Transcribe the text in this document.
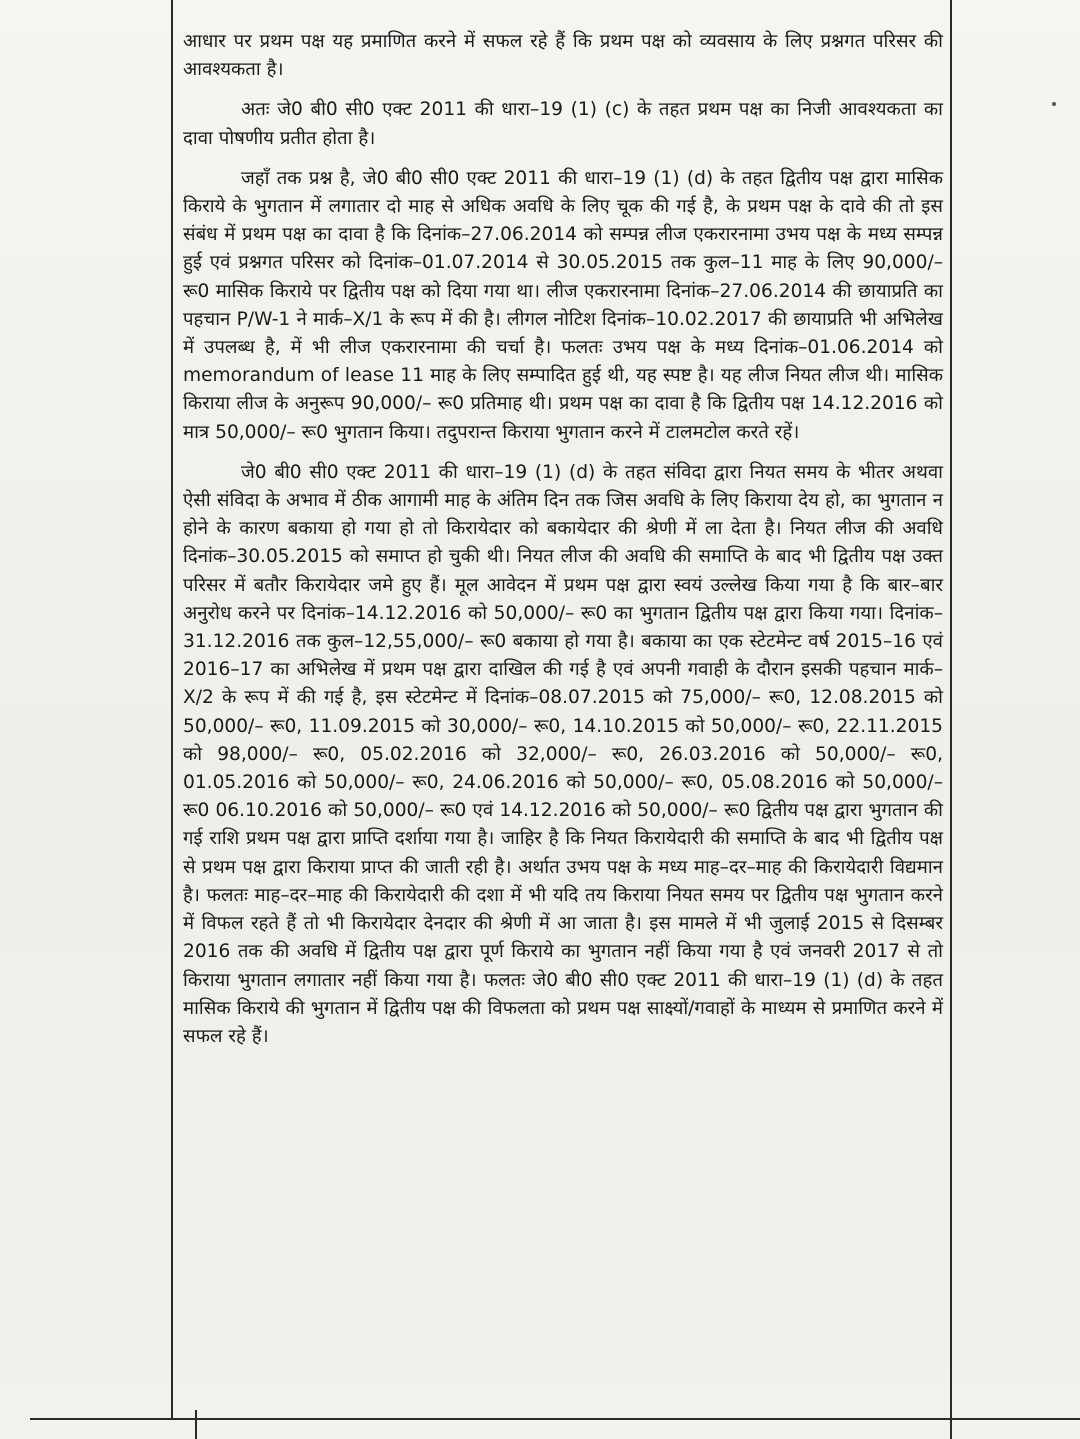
आधार पर प्रथम पक्ष यह प्रमाणित करने में सफल रहे हैं कि प्रथम पक्ष को व्यवसाय के लिए प्रश्नगत परिसर की आवश्यकता है।

अतः जे0 बी0 सी0 एक्ट 2011 की धारा–19 (1) (c) के तहत प्रथम पक्ष का निजी आवश्यकता का दावा पोषणीय प्रतीत होता है।

जहाँ तक प्रश्न है, जे0 बी0 सी0 एक्ट 2011 की धारा–19 (1) (d) के तहत द्वितीय पक्ष द्वारा मासिक किराये के भुगतान में लगातार दो माह से अधिक अवधि के लिए चूक की गई है, के प्रथम पक्ष के दावे की तो इस संबंध में प्रथम पक्ष का दावा है कि दिनांक–27.06.2014 को सम्पन्न लीज एकरारनामा उभय पक्ष के मध्य सम्पन्न हुई एवं प्रश्नगत परिसर को दिनांक–01.07.2014 से 30.05.2015 तक कुल–11 माह के लिए 90,000/– रू0 मासिक किराये पर द्वितीय पक्ष को दिया गया था। लीज एकरारनामा दिनांक–27.06.2014 की छायाप्रति का पहचान P/W-1 ने मार्क–X/1 के रूप में की है। लीगल नोटिश दिनांक–10.02.2017 की छायाप्रति भी अभिलेख में उपलब्ध है, में भी लीज एकरारनामा की चर्चा है। फलतः उभय पक्ष के मध्य दिनांक–01.06.2014 को memorandum of lease 11 माह के लिए सम्पादित हुई थी, यह स्पष्ट है। यह लीज नियत लीज थी। मासिक किराया लीज के अनुरूप 90,000/– रू0 प्रतिमाह थी। प्रथम पक्ष का दावा है कि द्वितीय पक्ष 14.12.2016 को मात्र 50,000/– रू0 भुगतान किया। तदुपरान्त किराया भुगतान करने में टालमटोल करते रहें।

जे0 बी0 सी0 एक्ट 2011 की धारा–19 (1) (d) के तहत संविदा द्वारा नियत समय के भीतर अथवा ऐसी संविदा के अभाव में ठीक आगामी माह के अंतिम दिन तक जिस अवधि के लिए किराया देय हो, का भुगतान न होने के कारण बकाया हो गया हो तो किरायेदार को बकायेदार की श्रेणी में ला देता है। नियत लीज की अवधि दिनांक–30.05.2015 को समाप्त हो चुकी थी। नियत लीज की अवधि की समाप्ति के बाद भी द्वितीय पक्ष उक्त परिसर में बतौर किरायेदार जमे हुए हैं। मूल आवेदन में प्रथम पक्ष द्वारा स्वयं उल्लेख किया गया है कि बार–बार अनुरोध करने पर दिनांक–14.12.2016 को 50,000/– रू0 का भुगतान द्वितीय पक्ष द्वारा किया गया। दिनांक–31.12.2016 तक कुल–12,55,000/– रू0 बकाया हो गया है। बकाया का एक स्टेटमेन्ट वर्ष 2015–16 एवं 2016–17 का अभिलेख में प्रथम पक्ष द्वारा दाखिल की गई है एवं अपनी गवाही के दौरान इसकी पहचान मार्क–X/2 के रूप में की गई है, इस स्टेटमेन्ट में दिनांक–08.07.2015 को 75,000/– रू0, 12.08.2015 को 50,000/– रू0, 11.09.2015 को 30,000/– रू0, 14.10.2015 को 50,000/– रू0, 22.11.2015 को 98,000/– रू0, 05.02.2016 को 32,000/– रू0, 26.03.2016 को 50,000/– रू0, 01.05.2016 को 50,000/– रू0, 24.06.2016 को 50,000/– रू0, 05.08.2016 को 50,000/– रू0 06.10.2016 को 50,000/– रू0 एवं 14.12.2016 को 50,000/– रू0 द्वितीय पक्ष द्वारा भुगतान की गई राशि प्रथम पक्ष द्वारा प्राप्ति दर्शाया गया है। जाहिर है कि नियत किरायेदारी की समाप्ति के बाद भी द्वितीय पक्ष से प्रथम पक्ष द्वारा किराया प्राप्त की जाती रही है। अर्थात उभय पक्ष के मध्य माह–दर–माह की किरायेदारी विद्यमान है। फलतः माह–दर–माह की किरायेदारी की दशा में भी यदि तय किराया नियत समय पर द्वितीय पक्ष भुगतान करने में विफल रहते हैं तो भी किरायेदार देनदार की श्रेणी में आ जाता है। इस मामले में भी जुलाई 2015 से दिसम्बर 2016 तक की अवधि में द्वितीय पक्ष द्वारा पूर्ण किराये का भुगतान नहीं किया गया है एवं जनवरी 2017 से तो किराया भुगतान लगातार नहीं किया गया है। फलतः जे0 बी0 सी0 एक्ट 2011 की धारा–19 (1) (d) के तहत मासिक किराये की भुगतान में द्वितीय पक्ष की विफलता को प्रथम पक्ष साक्ष्यों/गवाहों के माध्यम से प्रमाणित करने में सफल रहे हैं।
